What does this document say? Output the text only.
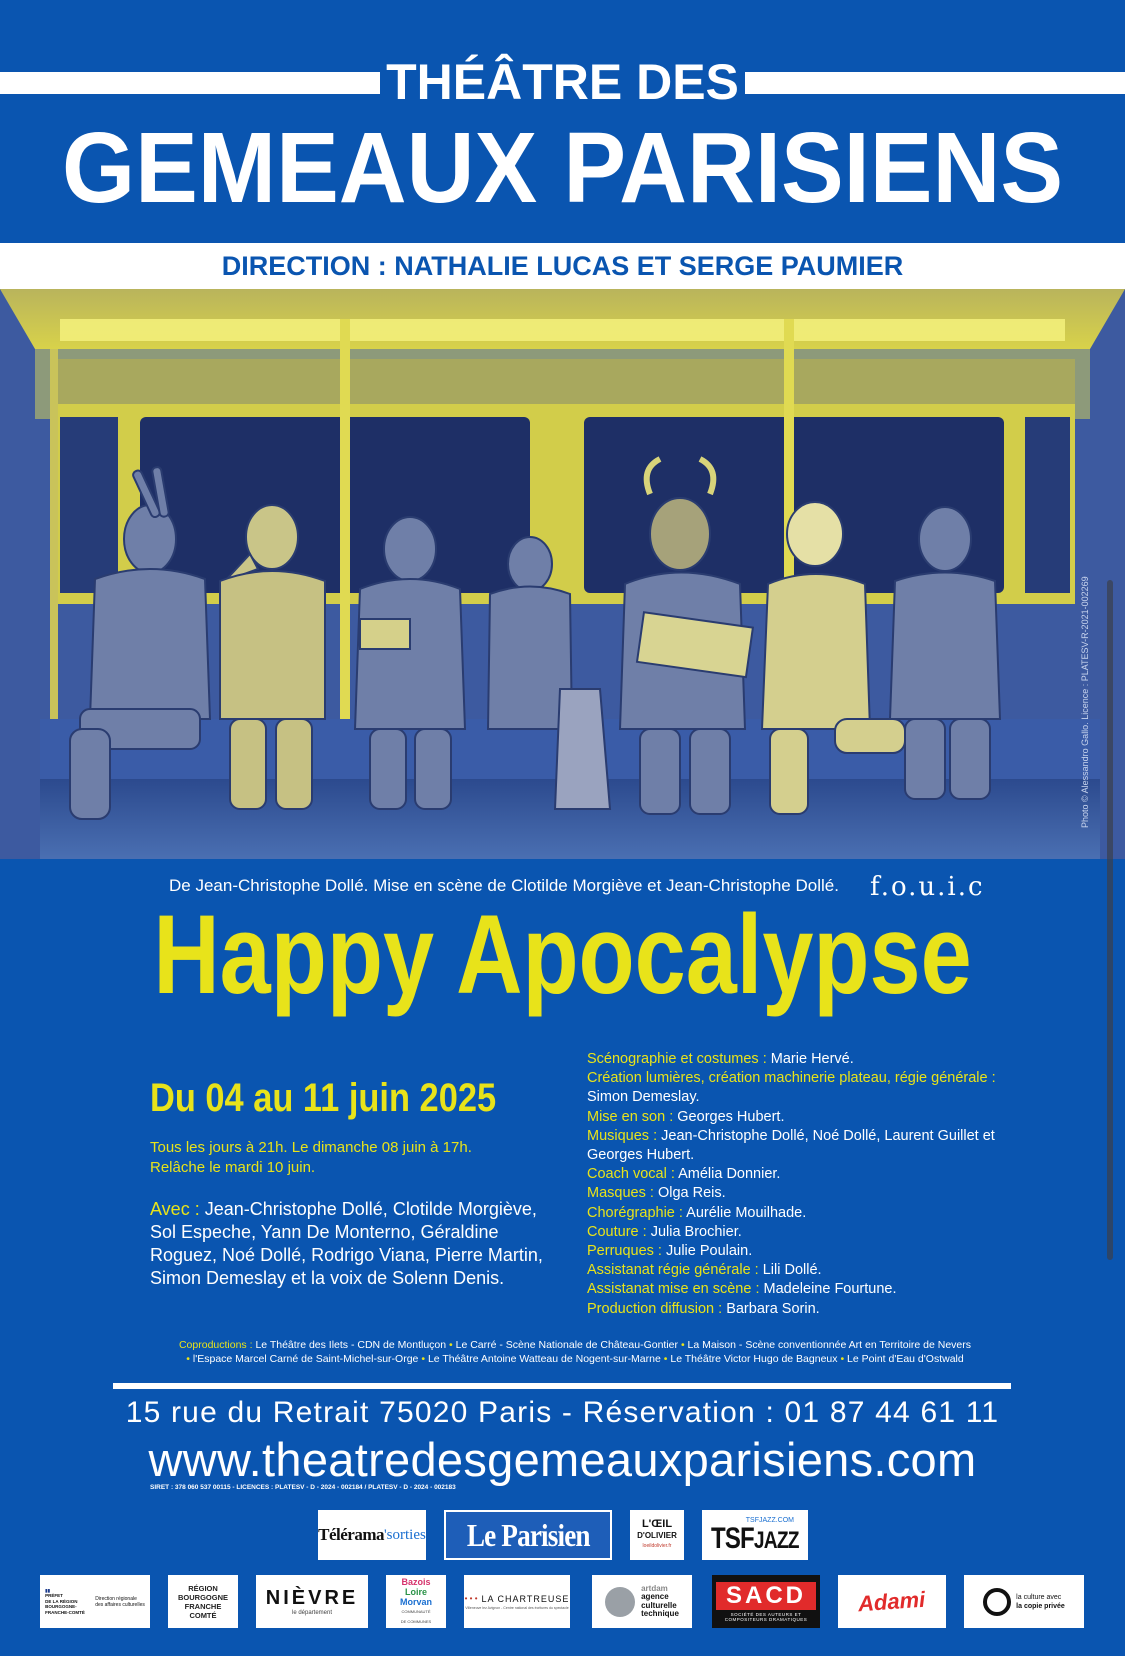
THÉÂTRE DES
GEMEAUX PARISIENS
DIRECTION : NATHALIE LUCAS ET SERGE PAUMIER
De Jean-Christophe Dollé. Mise en scène de Clotilde Morgiève et Jean-Christophe Dollé. f.o.u.i.c
Happy Apocalypse
Du 04 au 11 juin 2025
Tous les jours à 21h. Le dimanche 08 juin à 17h.
Relâche le mardi 10 juin.
Avec : Jean-Christophe Dollé, Clotilde Morgiève, Sol Espeche, Yann De Monterno, Géraldine Roguez, Noé Dollé, Rodrigo Viana, Pierre Martin, Simon Demeslay et la voix de Solenn Denis.
Scénographie et costumes : Marie Hervé.
Création lumières, création machinerie plateau, régie générale : Simon Demeslay.
Mise en son : Georges Hubert.
Musiques : Jean-Christophe Dollé, Noé Dollé, Laurent Guillet et Georges Hubert.
Coach vocal : Amélia Donnier.
Masques : Olga Reis.
Chorégraphie : Aurélie Mouilhade.
Couture : Julia Brochier.
Perruques : Julie Poulain.
Assistanat régie générale : Lili Dollé.
Assistanat mise en scène : Madeleine Fourtune.
Production diffusion : Barbara Sorin.
Coproductions : Le Théâtre des Ilets - CDN de Montluçon • Le Carré - Scène Nationale de Château-Gontier • La Maison - Scène conventionnée Art en Territoire de Nevers
• l'Espace Marcel Carné de Saint-Michel-sur-Orge • Le Théâtre Antoine Watteau de Nogent-sur-Marne • Le Théâtre Victor Hugo de Bagneux • Le Point d'Eau d'Ostwald
15 rue du Retrait 75020 Paris - Réservation : 01 87 44 61 11
www.theatredesgemeauxparisiens.com
SIRET : 378 060 537 00115 - LICENCES : PLATESV - D - 2024 - 002184 / PLATESV - D - 2024 - 002183
Télérama 'sorties Le Parisien	L'ŒIL
D'OLIVIER
loeildolivier.fr
TSFJAZZ.COM
TSFJAZZ
▮▮
PRÉFET
DE LA RÉGION
BOURGOGNE-
FRANCHE-COMTÉ
Direction régionale
des affaires culturelles
RÉGION
BOURGOGNE
FRANCHE
COMTÉ
NIÈVRE
le département
Bazois
Loire
Morvan
COMMUNAUTÉ
DE COMMUNES
• • • LA CHARTREUSE
Villeneuve lez Avignon - Centre national des écritures du spectacle
artdam
agence
culturelle
technique
SACD
SOCIÉTÉ DES AUTEURS ET
COMPOSITEURS DRAMATIQUES
Adami	la culture avec
la copie privée
